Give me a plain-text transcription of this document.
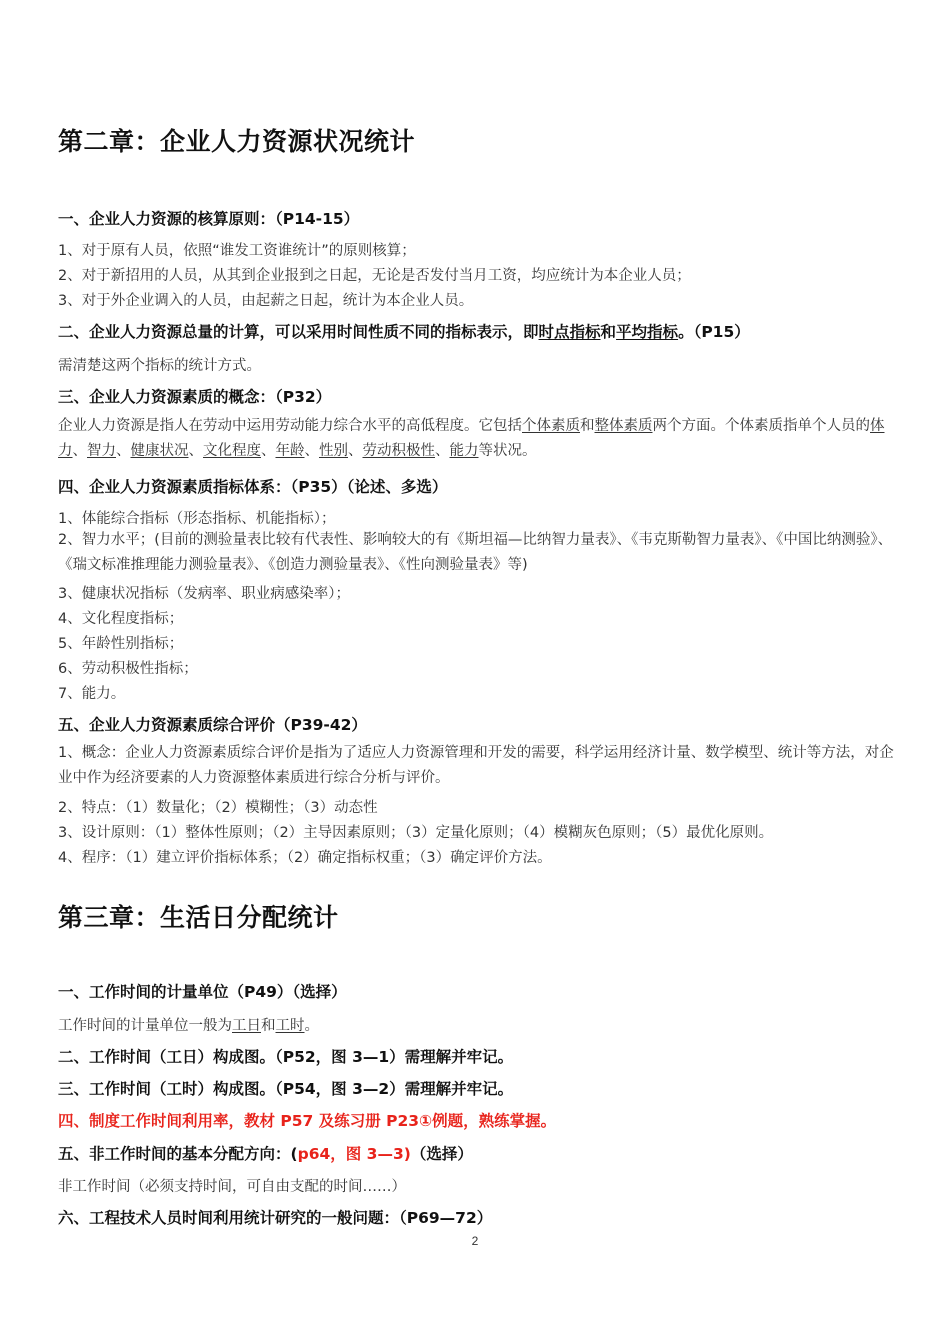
第二章：企业人力资源状况统计
一、企业人力资源的核算原则：（P14-15）
1、对于原有人员，依照“谁发工资谁统计”的原则核算；
2、对于新招用的人员，从其到企业报到之日起，无论是否发付当月工资，均应统计为本企业人员；
3、对于外企业调入的人员，由起薪之日起，统计为本企业人员。
二、企业人力资源总量的计算，可以采用时间性质不同的指标表示，即时点指标和平均指标。（P15）
需清楚这两个指标的统计方式。
三、企业人力资源素质的概念：（P32）
企业人力资源是指人在劳动中运用劳动能力综合水平的高低程度。它包括个体素质和整体素质两个方面。个体素质指单个人员的体力、智力、健康状况、文化程度、年龄、性别、劳动积极性、能力等状况。
四、企业人力资源素质指标体系：（P35）（论述、多选）
1、体能综合指标（形态指标、机能指标）；
2、智力水平；(目前的测验量表比较有代表性、影响较大的有《斯坦福—比纳智力量表》、《韦克斯勒智力量表》、《中国比纳测验》、《瑞文标准推理能力测验量表》、《创造力测验量表》、《性向测验量表》等)
3、健康状况指标（发病率、职业病感染率）；
4、文化程度指标；
5、年龄性别指标；
6、劳动积极性指标；
7、能力。
五、企业人力资源素质综合评价（P39-42）
1、概念：企业人力资源素质综合评价是指为了适应人力资源管理和开发的需要，科学运用经济计量、数学模型、统计等方法，对企业中作为经济要素的人力资源整体素质进行综合分析与评价。
2、特点：（1）数量化；（2）模糊性；（3）动态性
3、设计原则：（1）整体性原则；（2）主导因素原则；（3）定量化原则；（4）模糊灰色原则；（5）最优化原则。
4、程序：（1）建立评价指标体系；（2）确定指标权重；（3）确定评价方法。
第三章：生活日分配统计
一、工作时间的计量单位（P49）（选择）
工作时间的计量单位一般为工日和工时。
二、工作时间（工日）构成图。（P52，图 3—1）需理解并牢记。
三、工作时间（工时）构成图。（P54，图 3—2）需理解并牢记。
四、制度工作时间利用率，教材 P57 及练习册 P23①例题，熟练掌握。
五、非工作时间的基本分配方向：(p64，图 3—3)（选择）
非工作时间（必须支持时间，可自由支配的时间……）
六、工程技术人员时间利用统计研究的一般问题：（P69—72）
2
